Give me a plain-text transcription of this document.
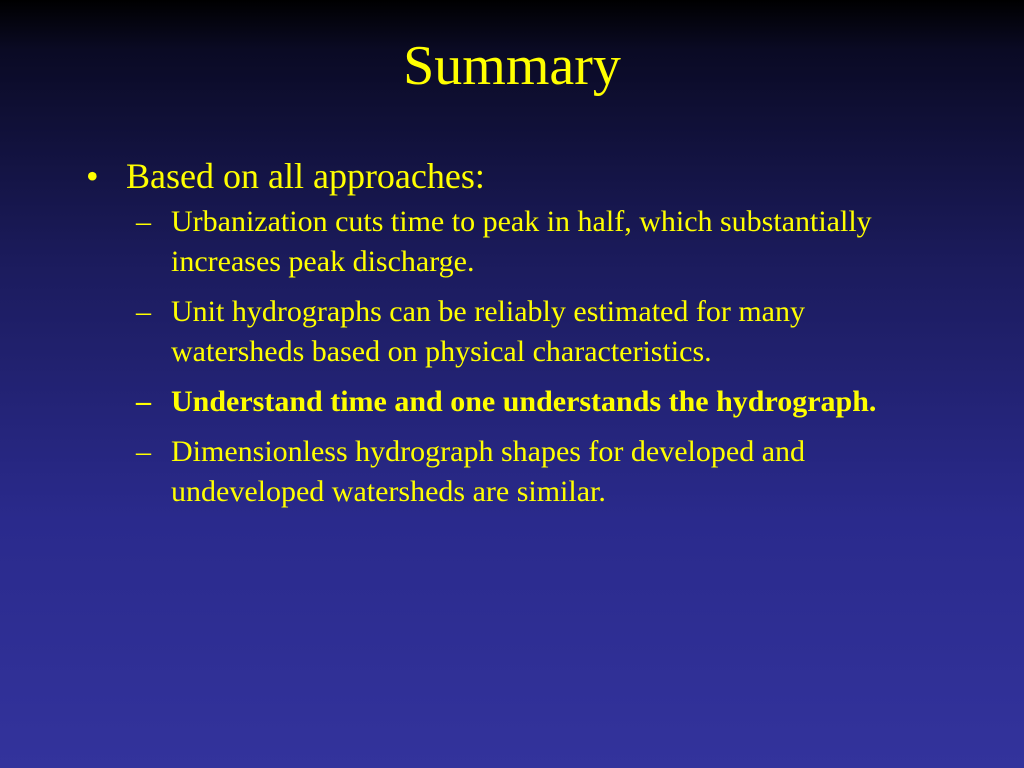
Summary
• Based on all approaches:
– Urbanization cuts time to peak in half, which substantially increases peak discharge.
– Unit hydrographs can be reliably estimated for many watersheds based on physical characteristics.
– Understand time and one understands the hydrograph.
– Dimensionless hydrograph shapes for developed and undeveloped watersheds are similar.
